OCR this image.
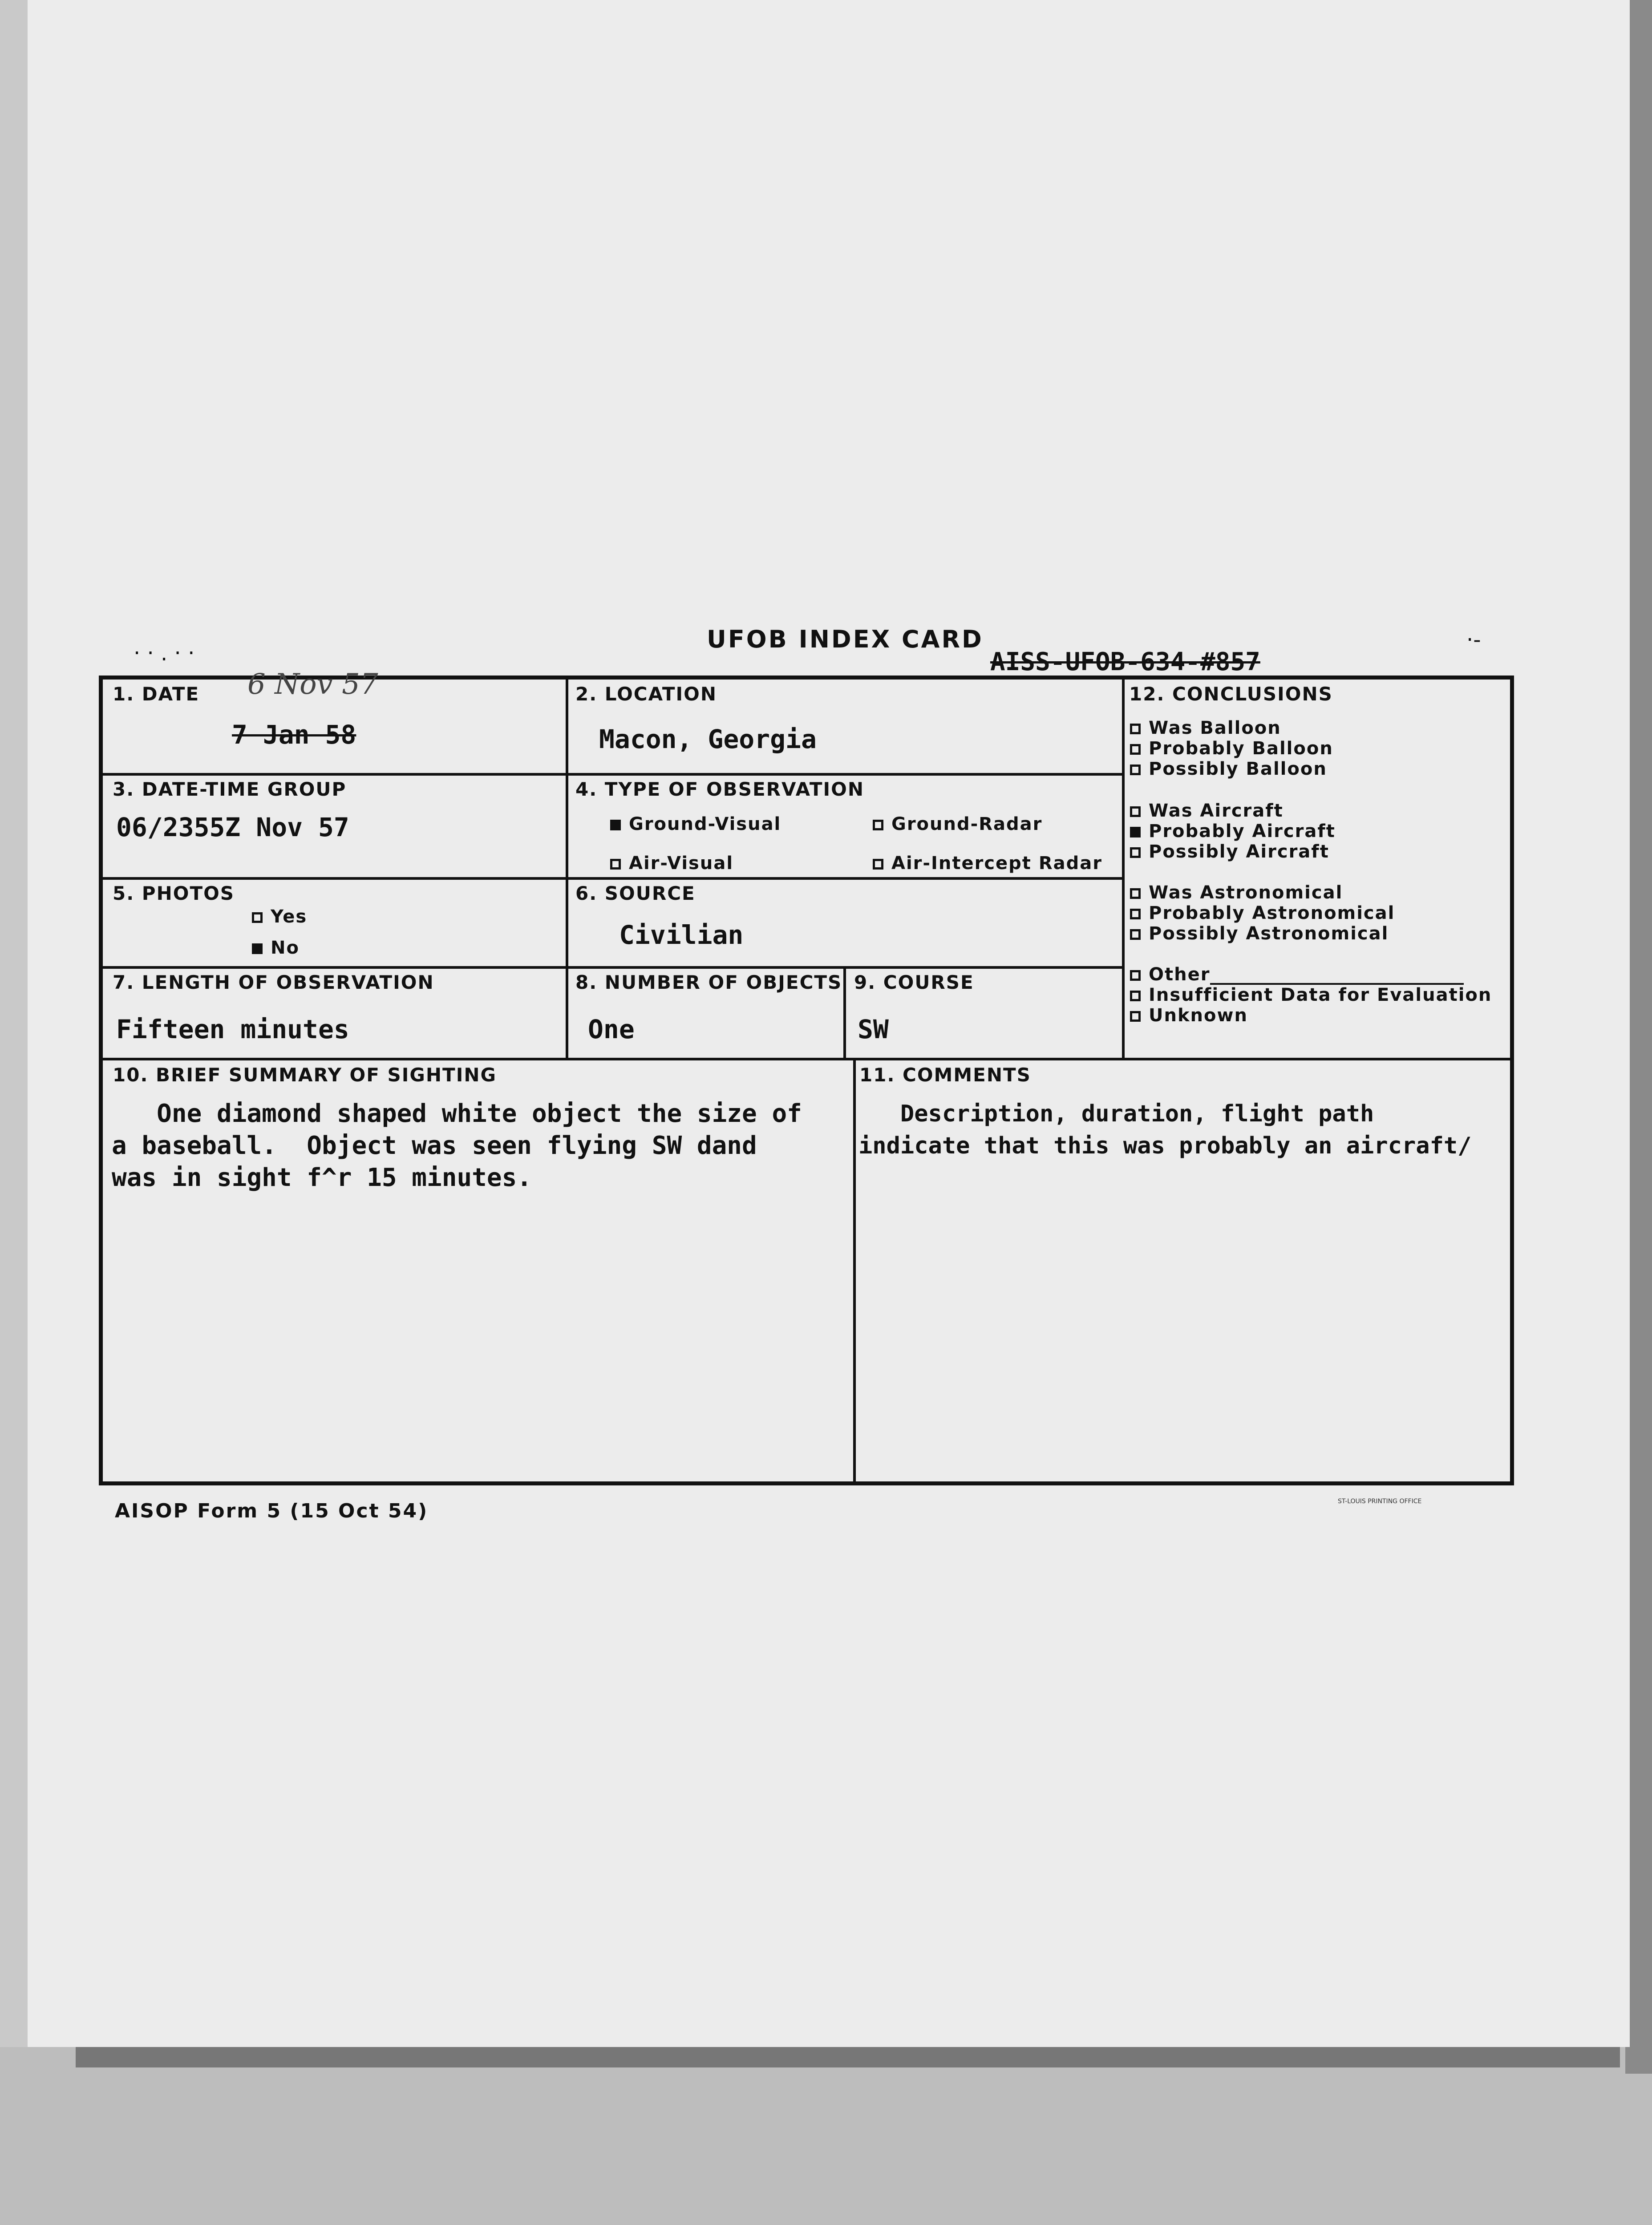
· · . · ·
·-
UFOB INDEX CARD
AISS-UFOB-634-#857
1. DATE 6 Nov 57
7 Jan 58
2. LOCATION
Macon, Georgia
3. DATE-TIME GROUP
06/2355Z Nov 57
4. TYPE OF OBSERVATION
Ground-Visual	Ground-Radar
Air-Visual	Air-Intercept Radar
5. PHOTOS
Yes
No
6. SOURCE
Civilian
7. LENGTH OF OBSERVATION
Fifteen minutes
8. NUMBER OF OBJECTS
One
9. COURSE
SW
10. BRIEF SUMMARY OF SIGHTING
One diamond shaped white object the size of
a baseball.  Object was seen flying SW dand
was in sight f^r 15 minutes.
11. COMMENTS
Description, duration, flight path
indicate that this was probably an aircraft/
12. CONCLUSIONS
Was Balloon
Probably Balloon
Possibly Balloon
Was Aircraft
Probably Aircraft
Possibly Aircraft
Was Astronomical
Probably Astronomical
Possibly Astronomical
Other
Insufficient Data for Evaluation
Unknown
AISOP Form 5 (15 Oct 54)	ST-LOUIS PRINTING OFFICE
